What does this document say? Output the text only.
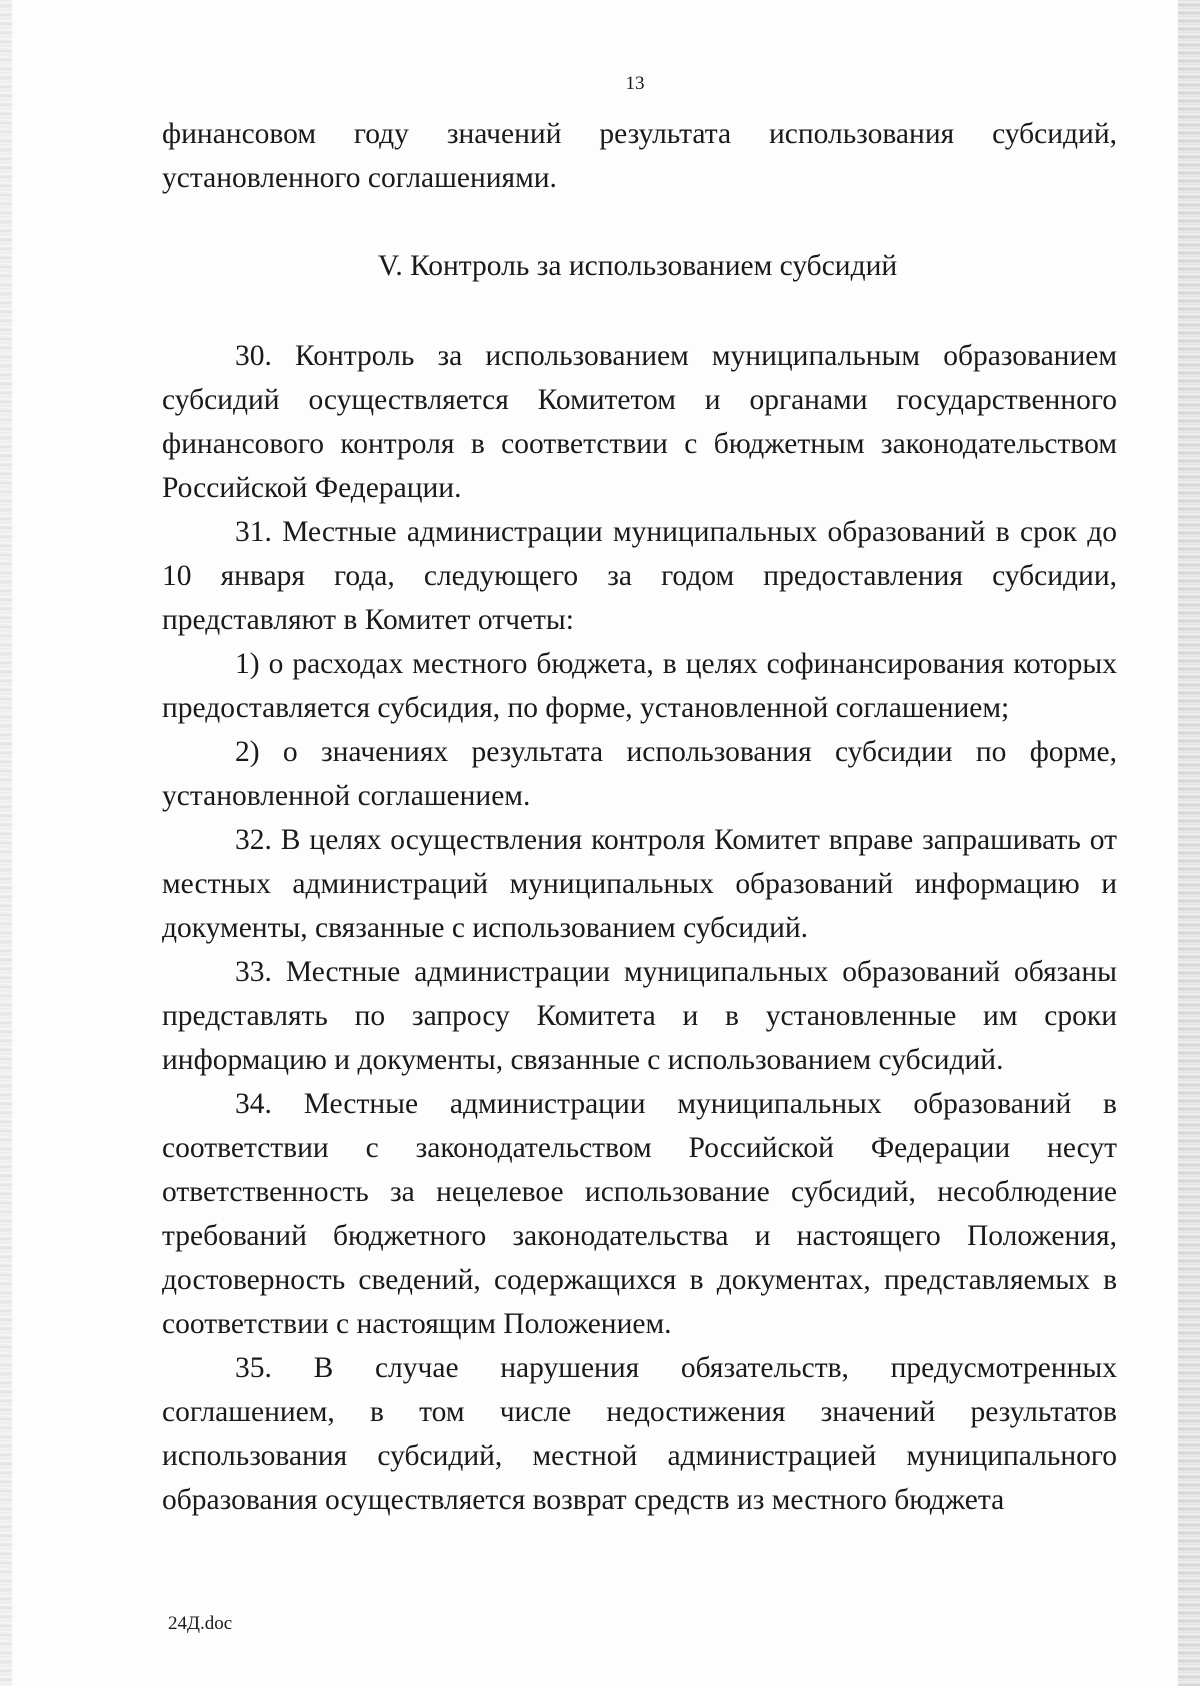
13

финансовом году значений результата использования субсидий, установленного соглашениями.

V. Контроль за использованием субсидий

30. Контроль за использованием муниципальным образованием субсидий осуществляется Комитетом и органами государственного финансового контроля в соответствии с бюджетным законодательством Российской Федерации.

31. Местные администрации муниципальных образований в срок до 10 января года, следующего за годом предоставления субсидии, представляют в Комитет отчеты:

1) о расходах местного бюджета, в целях софинансирования которых предоставляется субсидия, по форме, установленной соглашением;

2) о значениях результата использования субсидии по форме, установленной соглашением.

32. В целях осуществления контроля Комитет вправе запрашивать от местных администраций муниципальных образований информацию и документы, связанные с использованием субсидий.

33. Местные администрации муниципальных образований обязаны представлять по запросу Комитета и в установленные им сроки информацию и документы, связанные с использованием субсидий.

34. Местные администрации муниципальных образований в соответствии с законодательством Российской Федерации несут ответственность за нецелевое использование субсидий, несоблюдение требований бюджетного законодательства и настоящего Положения, достоверность сведений, содержащихся в документах, представляемых в соответствии с настоящим Положением.

35. В случае нарушения обязательств, предусмотренных соглашением, в том числе недостижения значений результатов использования субсидий, местной администрацией муниципального образования осуществляется возврат средств из местного бюджета

24Д.doc
